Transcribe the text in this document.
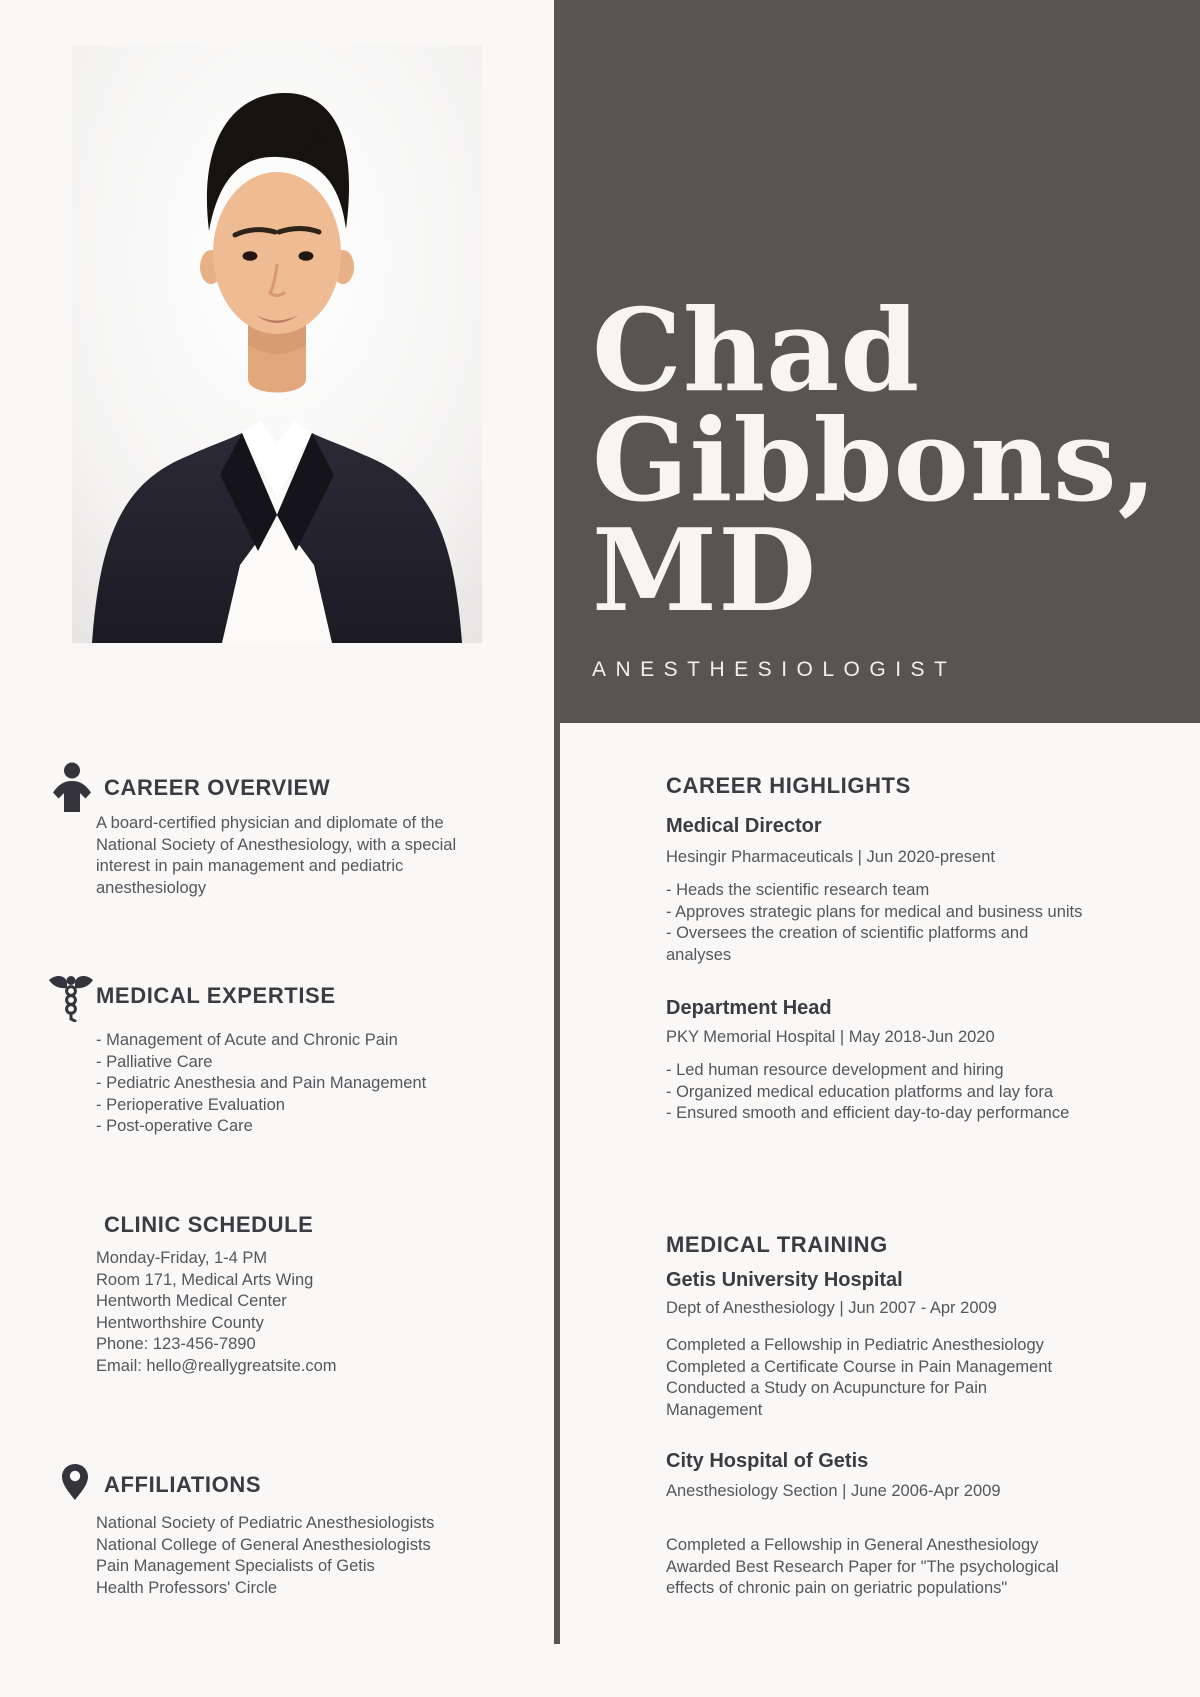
Chad
Gibbons,
MD
ANESTHESIOLOGIST
CAREER OVERVIEW
A board-certified physician and diplomate of the
National Society of Anesthesiology, with a special
interest in pain management and pediatric
anesthesiology
MEDICAL EXPERTISE
- Management of Acute and Chronic Pain
- Palliative Care
- Pediatric Anesthesia and Pain Management
- Perioperative Evaluation
- Post-operative Care
CLINIC SCHEDULE
Monday-Friday, 1-4 PM
Room 171, Medical Arts Wing
Hentworth Medical Center
Hentworthshire County
Phone: 123-456-7890
Email: hello@reallygreatsite.com
AFFILIATIONS
National Society of Pediatric Anesthesiologists
National College of General Anesthesiologists
Pain Management Specialists of Getis
Health Professors' Circle
CAREER HIGHLIGHTS
Medical Director
Hesingir Pharmaceuticals | Jun 2020-present
- Heads the scientific research team
- Approves strategic plans for medical and business units
- Oversees the creation of scientific platforms and
analyses
Department Head
PKY Memorial Hospital | May 2018-Jun 2020
- Led human resource development and hiring
- Organized medical education platforms and lay fora
- Ensured smooth and efficient day-to-day performance
MEDICAL TRAINING
Getis University Hospital
Dept of Anesthesiology | Jun 2007 - Apr 2009
Completed a Fellowship in Pediatric Anesthesiology
Completed a Certificate Course in Pain Management
Conducted a Study on Acupuncture for Pain
Management
City Hospital of Getis
Anesthesiology Section | June 2006-Apr 2009
Completed a Fellowship in General Anesthesiology
Awarded Best Research Paper for "The psychological
effects of chronic pain on geriatric populations"
